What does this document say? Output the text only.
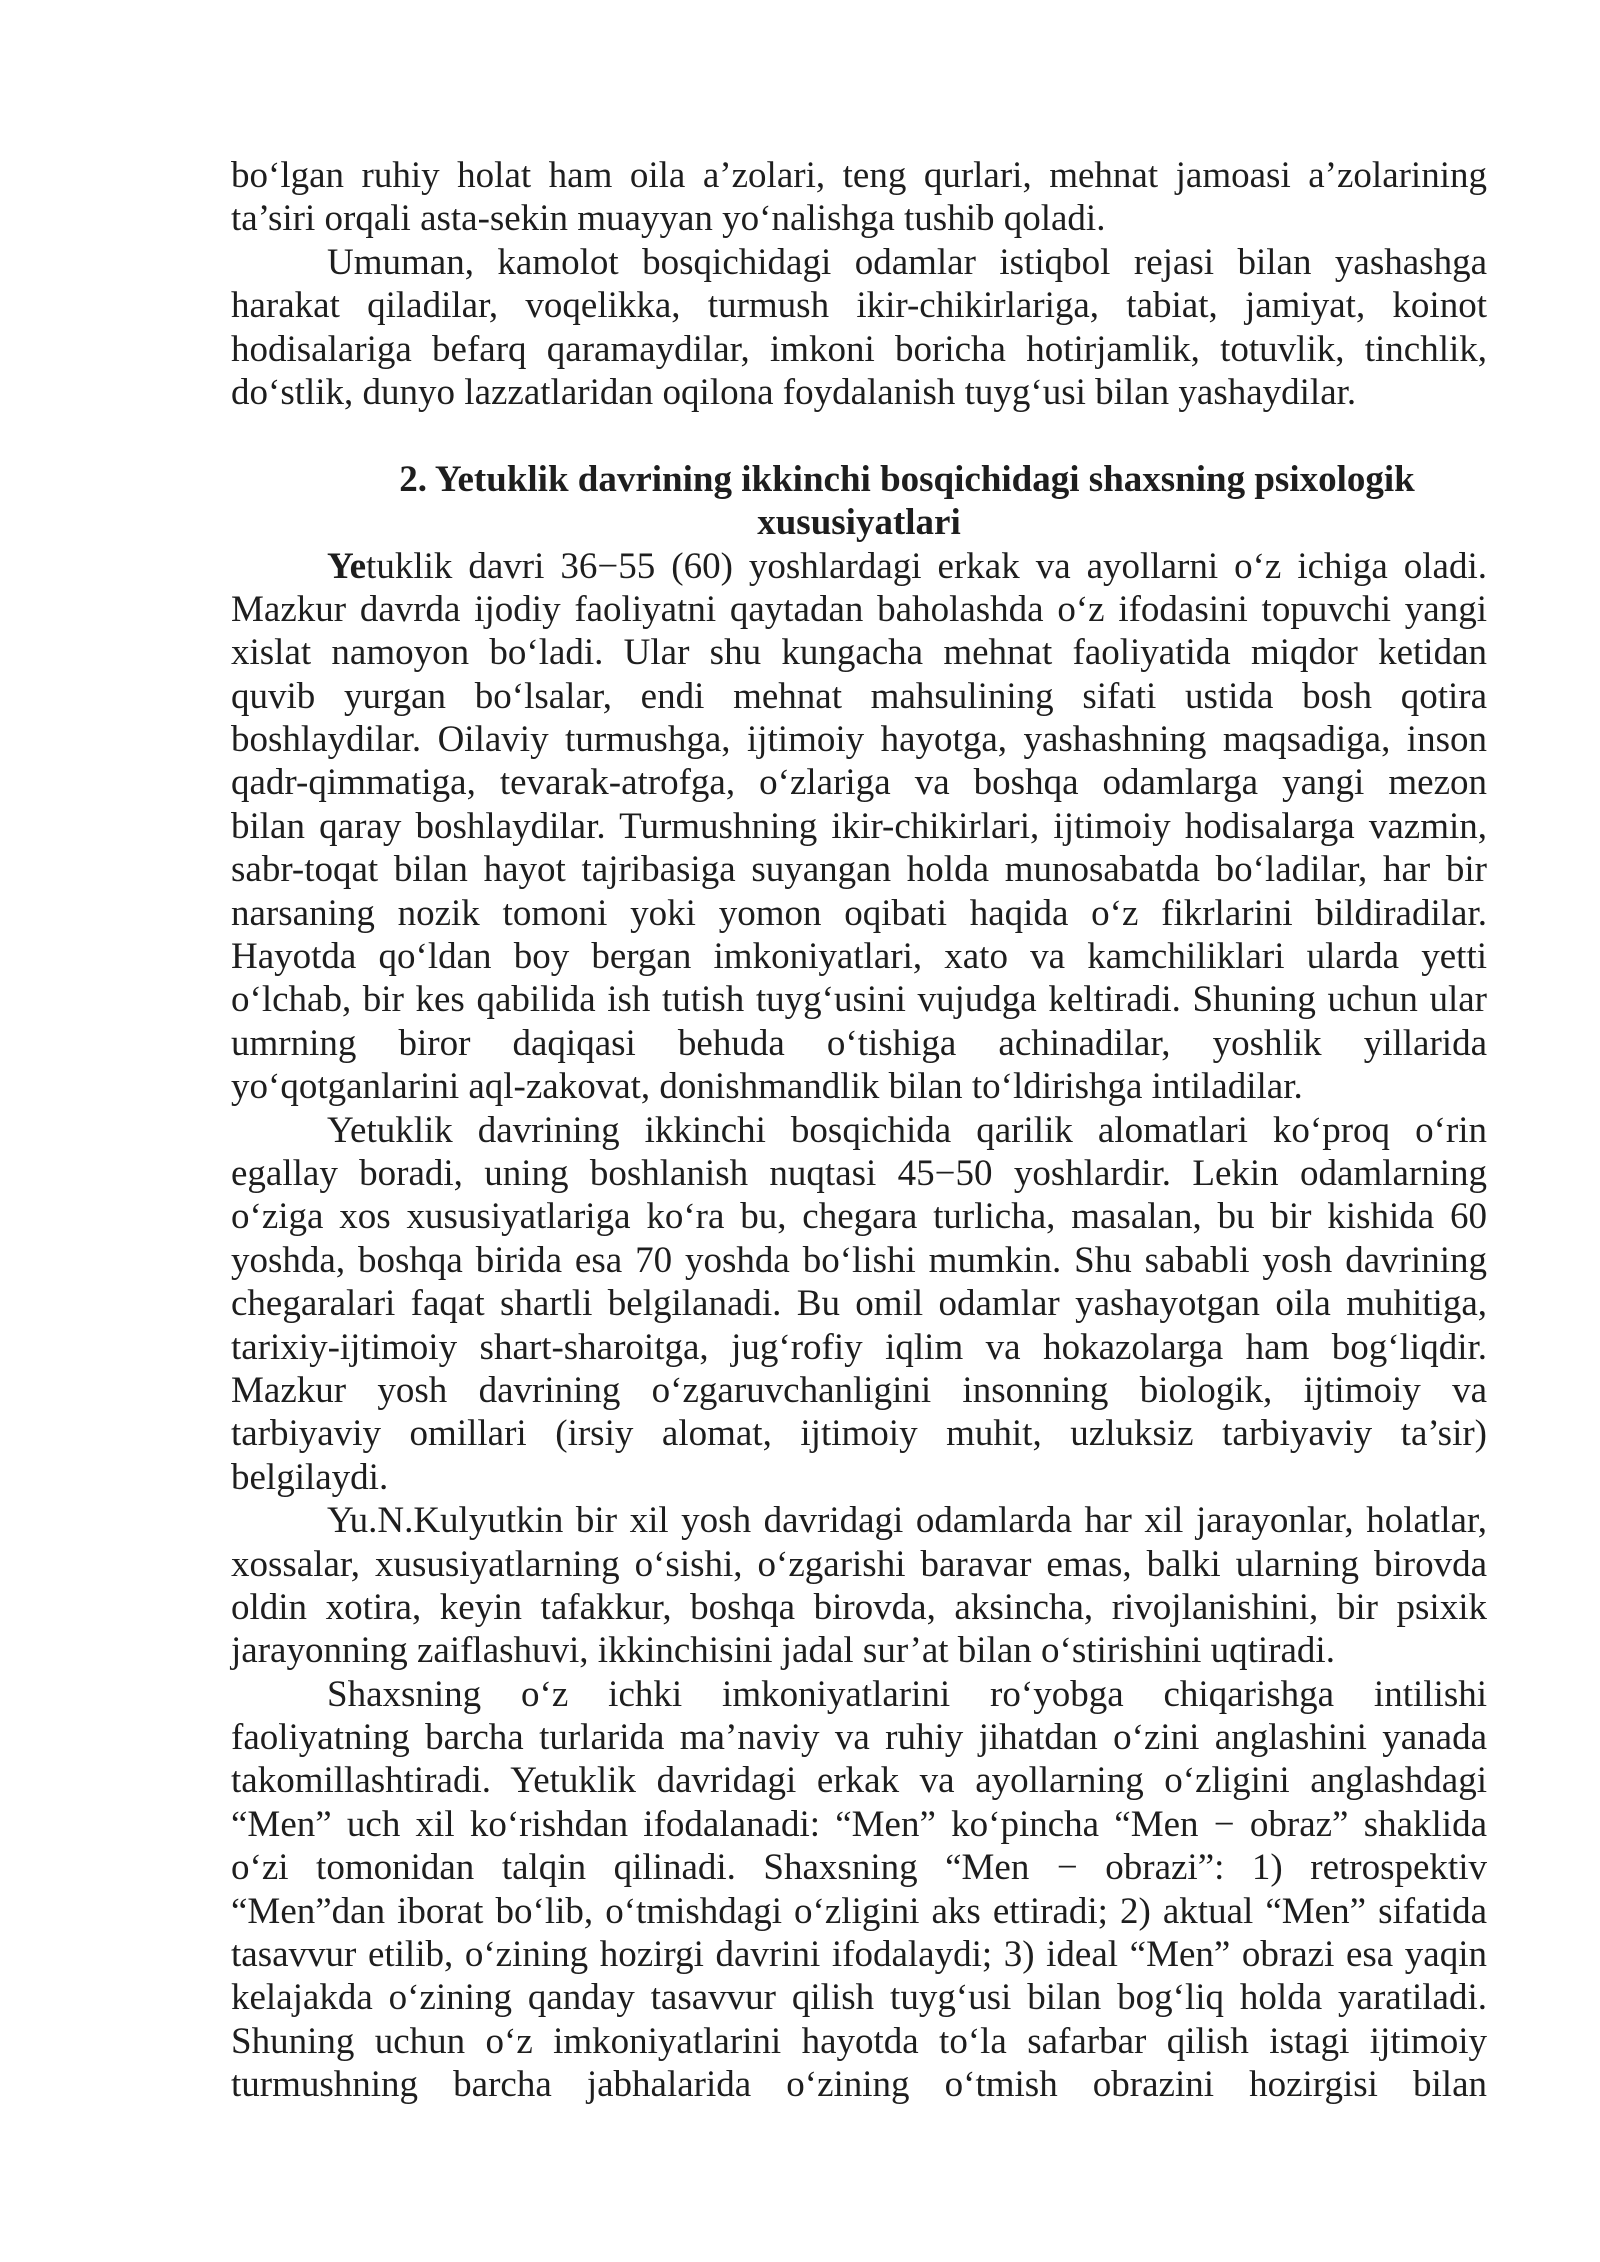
bo‘lgan ruhiy holat ham oila a’zolari, teng qurlari, mehnat jamoasi a’zolarining
ta’siri orqali asta-sekin muayyan yo‘nalishga tushib qoladi.
Umuman, kamolot bosqichidagi odamlar istiqbol rejasi bilan yashashga
harakat qiladilar, voqelikka, turmush ikir-chikirlariga, tabiat, jamiyat, koinot
hodisalariga befarq qaramaydilar, imkoni boricha hotirjamlik, totuvlik, tinchlik,
do‘stlik, dunyo lazzatlaridan oqilona foydalanish tuyg‘usi bilan yashaydilar.
2. Yetuklik davrining ikkinchi bosqichidagi shaxsning psixologik
xususiyatlari
Yetuklik davri 36−55 (60) yoshlardagi erkak va ayollarni o‘z ichiga oladi.
Mazkur davrda ijodiy faoliyatni qaytadan baholashda o‘z ifodasini topuvchi yangi
xislat namoyon bo‘ladi. Ular shu kungacha mehnat faoliyatida miqdor ketidan
quvib yurgan bo‘lsalar, endi mehnat mahsulining sifati ustida bosh qotira
boshlaydilar. Oilaviy turmushga, ijtimoiy hayotga, yashashning maqsadiga, inson
qadr-qimmatiga, tevarak-atrofga, o‘zlariga va boshqa odamlarga yangi mezon
bilan qaray boshlaydilar. Turmushning ikir-chikirlari, ijtimoiy hodisalarga vazmin,
sabr-toqat bilan hayot tajribasiga suyangan holda munosabatda bo‘ladilar, har bir
narsaning nozik tomoni yoki yomon oqibati haqida o‘z fikrlarini bildiradilar.
Hayotda qo‘ldan boy bergan imkoniyatlari, xato va kamchiliklari ularda yetti
o‘lchab, bir kes qabilida ish tutish tuyg‘usini vujudga keltiradi. Shuning uchun ular
umrning biror daqiqasi behuda o‘tishiga achinadilar, yoshlik yillarida
yo‘qotganlarini aql-zakovat, donishmandlik bilan to‘ldirishga intiladilar.
Yetuklik davrining ikkinchi bosqichida qarilik alomatlari ko‘proq o‘rin
egallay boradi, uning boshlanish nuqtasi 45−50 yoshlardir. Lekin odamlarning
o‘ziga xos xususiyatlariga ko‘ra bu, chegara turlicha, masalan, bu bir kishida 60
yoshda, boshqa birida esa 70 yoshda bo‘lishi mumkin. Shu sababli yosh davrining
chegaralari faqat shartli belgilanadi. Bu omil odamlar yashayotgan oila muhitiga,
tarixiy-ijtimoiy shart-sharoitga, jug‘rofiy iqlim va hokazolarga ham bog‘liqdir.
Mazkur yosh davrining o‘zgaruvchanligini insonning biologik, ijtimoiy va
tarbiyaviy omillari (irsiy alomat, ijtimoiy muhit, uzluksiz tarbiyaviy ta’sir)
belgilaydi.
Yu.N.Kulyutkin bir xil yosh davridagi odamlarda har xil jarayonlar, holatlar,
xossalar, xususiyatlarning o‘sishi, o‘zgarishi baravar emas, balki ularning birovda
oldin xotira, keyin tafakkur, boshqa birovda, aksincha, rivojlanishini, bir psixik
jarayonning zaiflashuvi, ikkinchisini jadal sur’at bilan o‘stirishini uqtiradi.
Shaxsning o‘z ichki imkoniyatlarini ro‘yobga chiqarishga intilishi
faoliyatning barcha turlarida ma’naviy va ruhiy jihatdan o‘zini anglashini yanada
takomillashtiradi. Yetuklik davridagi erkak va ayollarning o‘zligini anglashdagi
“Men” uch xil ko‘rishdan ifodalanadi: “Men” ko‘pincha “Men − obraz” shaklida
o‘zi tomonidan talqin qilinadi. Shaxsning “Men − obrazi”: 1) retrospektiv
“Men”dan iborat bo‘lib, o‘tmishdagi o‘zligini aks ettiradi; 2) aktual “Men” sifatida
tasavvur etilib, o‘zining hozirgi davrini ifodalaydi; 3) ideal “Men” obrazi esa yaqin
kelajakda o‘zining qanday tasavvur qilish tuyg‘usi bilan bog‘liq holda yaratiladi.
Shuning uchun o‘z imkoniyatlarini hayotda to‘la safarbar qilish istagi ijtimoiy
turmushning barcha jabhalarida o‘zining o‘tmish obrazini hozirgisi bilan
